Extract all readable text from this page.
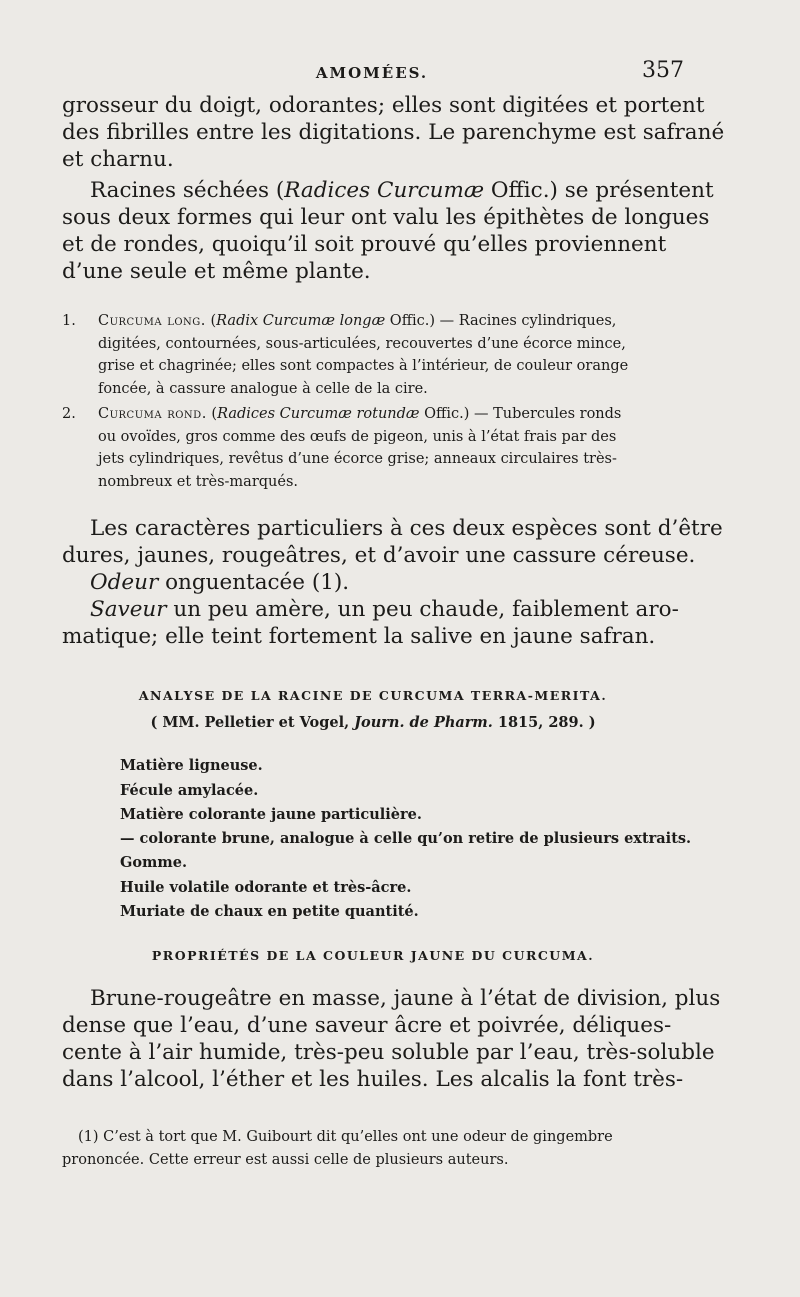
AMOMÉES.	357
grosseur du doigt, odorantes; elles sont digitées et portent
des fibrilles entre les digitations. Le parenchyme est safrané
et charnu.
Racines séchées (Radices Curcumæ Offic.) se présentent
sous deux formes qui leur ont valu les épithètes de longues
et de rondes, quoiqu’il soit prouvé qu’elles proviennent
d’une seule et même plante.
1.	Curcuma long. (Radix Curcumæ longæ Offic.) — Racines cylindriques,
digitées, contournées, sous-articulées, recouvertes d’une écorce mince,
grise et chagrinée; elles sont compactes à l’intérieur, de couleur orange
foncée, à cassure analogue à celle de la cire.
2.	Curcuma rond. (Radices Curcumæ rotundæ Offic.) — Tubercules ronds
ou ovoïdes, gros comme des œufs de pigeon, unis à l’état frais par des
jets cylindriques, revêtus d’une écorce grise; anneaux circulaires très-
nombreux et très-marqués.
Les caractères particuliers à ces deux espèces sont d’être
dures, jaunes, rougeâtres, et d’avoir une cassure céreuse.
Odeur onguentacée (1).
Saveur un peu amère, un peu chaude, faiblement aro-
matique; elle teint fortement la salive en jaune safran.
ANALYSE DE LA RACINE DE CURCUMA TERRA-MERITA.
( MM. Pelletier et Vogel, Journ. de Pharm. 1815, 289. )
Matière ligneuse.
Fécule amylacée.
Matière colorante jaune particulière.
— colorante brune, analogue à celle qu’on retire de plusieurs extraits.
Gomme.
Huile volatile odorante et très-âcre.
Muriate de chaux en petite quantité.
PROPRIÉTÉS DE LA COULEUR JAUNE DU CURCUMA.
Brune-rougeâtre en masse, jaune à l’état de division, plus
dense que l’eau, d’une saveur âcre et poivrée, déliques-
cente à l’air humide, très-peu soluble par l’eau, très-soluble
dans l’alcool, l’éther et les huiles. Les alcalis la font très-
(1) C’est à tort que M. Guibourt dit qu’elles ont une odeur de gingembre
prononcée. Cette erreur est aussi celle de plusieurs auteurs.
